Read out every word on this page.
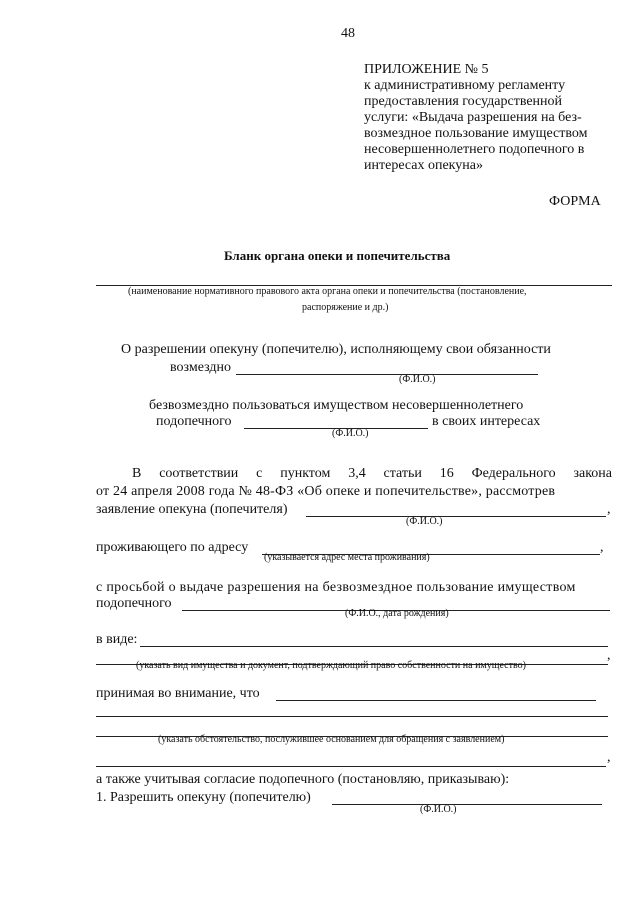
48
ПРИЛОЖЕНИЕ № 5
к административному регламенту
предоставления государственной
услуги: «Выдача разрешения на без-
возмездное пользование имуществом
несовершеннолетнего подопечного в
интересах опекуна»
ФОРМА
Бланк органа опеки и попечительства
(наименование нормативного правового акта органа опеки и попечительства (постановление,
распоряжение и др.)
О разрешении опекуну (попечителю), исполняющему свои обязанности
возмездно
(Ф.И.О.)
безвозмездно пользоваться имуществом несовершеннолетнего
подопечного
(Ф.И.О.)
в своих интересах
В соответствии с пунктом 3,4 статьи 16 Федерального закона
от 24 апреля 2008 года № 48-ФЗ «Об опеке и попечительстве», рассмотрев
заявление опекуна (попечителя)	,
(Ф.И.О.)
проживающего по адресу	,
(указывается адрес места проживания)
с просьбой о выдаче разрешения на безвозмездное пользование имуществом
подопечного
(Ф.И.О., дата рождения)
в виде:
,
(указать вид имущества и документ, подтверждающий право собственности на имущество)
принимая во внимание, что
(указать обстоятельство, послужившее основанием для обращения с заявлением)
,
а также учитывая согласие подопечного (постановляю, приказываю):
1. Разрешить опекуну (попечителю)
(Ф.И.О.)
